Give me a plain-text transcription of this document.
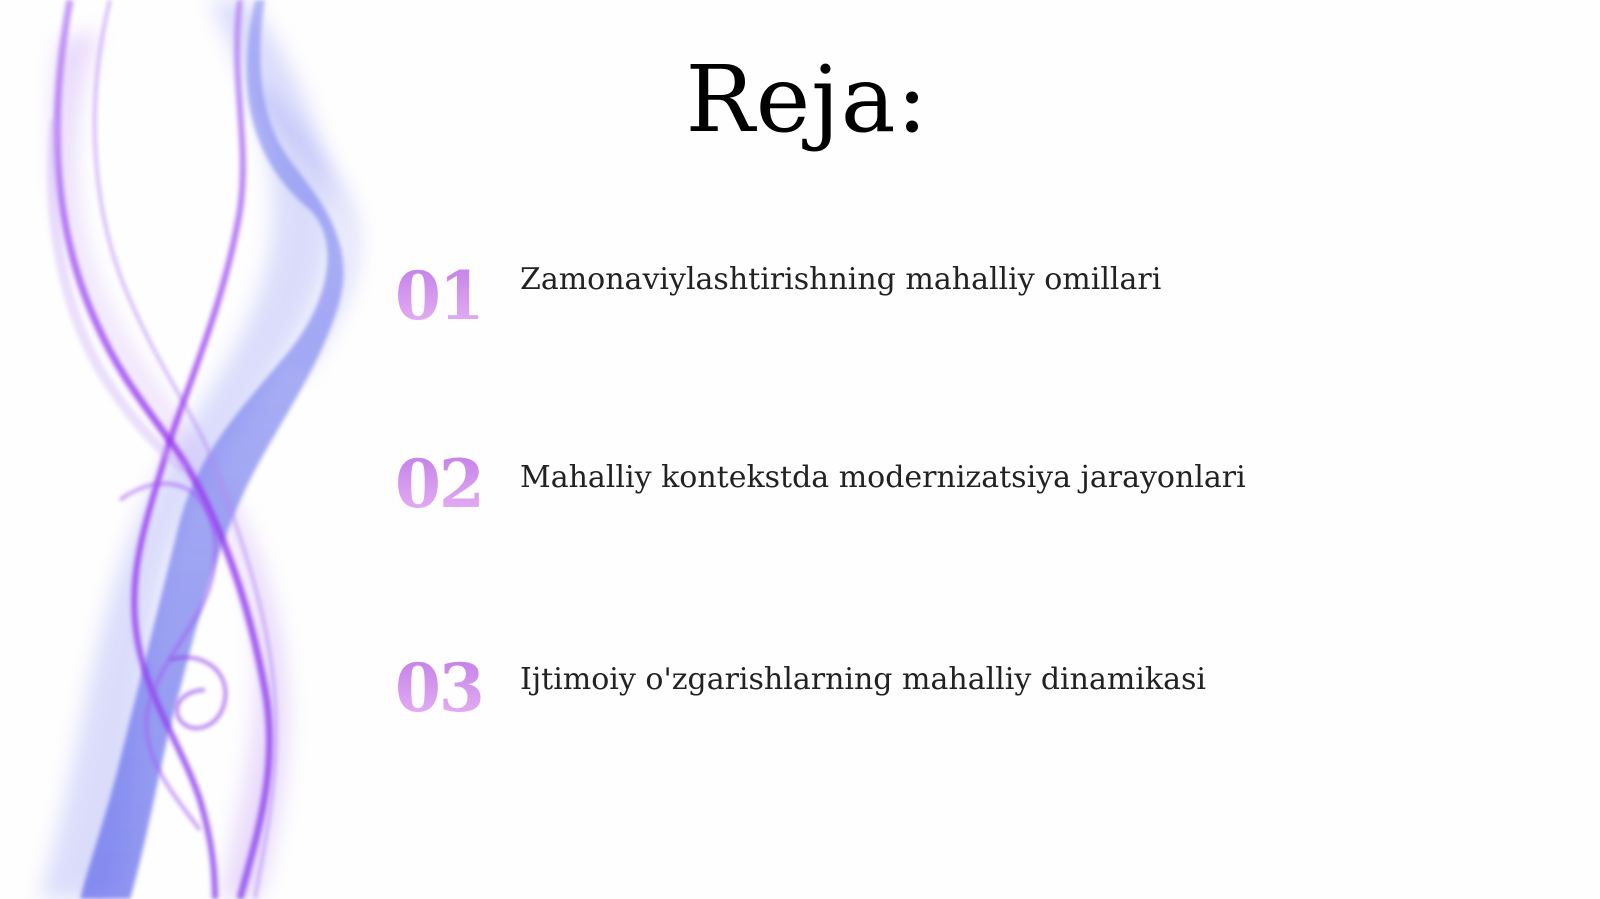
Reja:
01 Zamonaviylashtirishning mahalliy omillari
02 Mahalliy kontekstda modernizatsiya jarayonlari
03 Ijtimoiy o'zgarishlarning mahalliy dinamikasi
